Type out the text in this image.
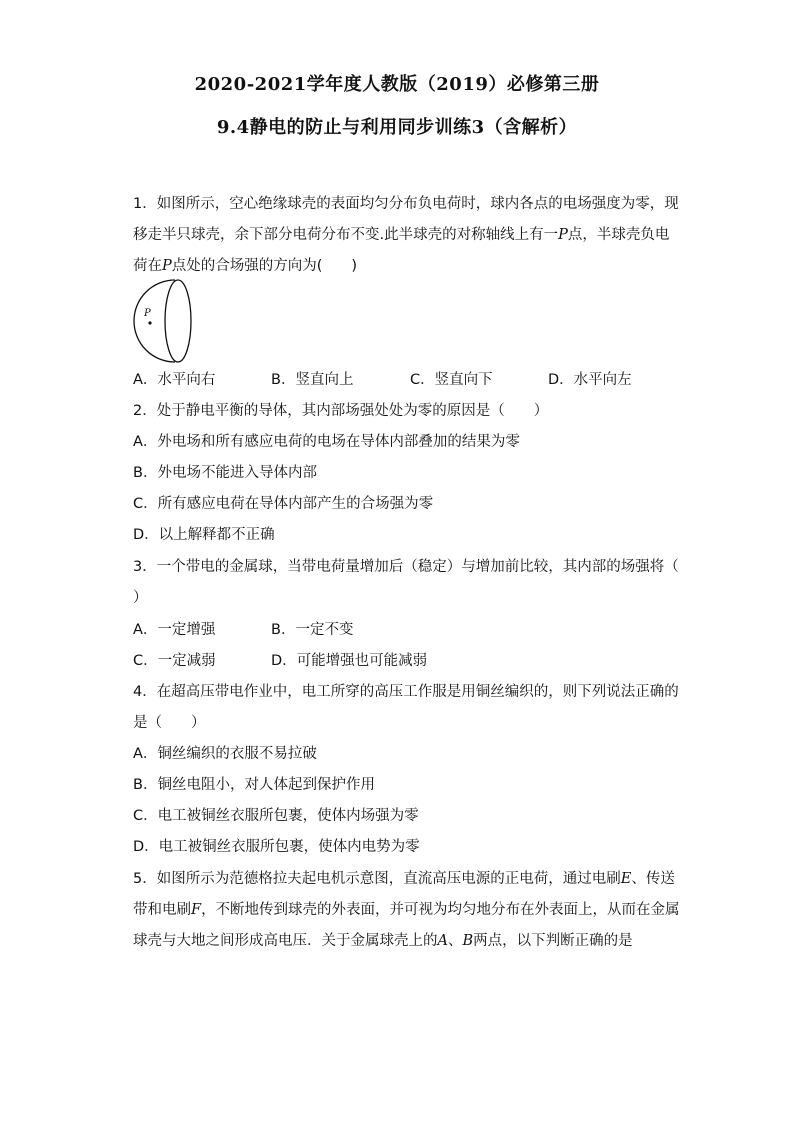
2020-2021学年度人教版（2019）必修第三册
9.4静电的防止与利用同步训练3（含解析）
1．如图所示，空心绝缘球壳的表面均匀分布负电荷时，球内各点的电场强度为零，现
移走半只球壳，余下部分电荷分布不变.此半球壳的对称轴线上有一P点，半球壳负电
荷在P点处的合场强的方向为(　　)
P
A．水平向右	B．竖直向上	C．竖直向下	D．水平向左
2．处于静电平衡的导体，其内部场强处处为零的原因是（　　）
A．外电场和所有感应电荷的电场在导体内部叠加的结果为零
B．外电场不能进入导体内部
C．所有感应电荷在导体内部产生的合场强为零
D．以上解释都不正确
3．一个带电的金属球，当带电荷量增加后（稳定）与增加前比较，其内部的场强将（
）
A．一定增强	B．一定不变
C．一定减弱	D．可能增强也可能减弱
4．在超高压带电作业中，电工所穿的高压工作服是用铜丝编织的，则下列说法正确的
是（　　）
A．铜丝编织的衣服不易拉破
B．铜丝电阻小，对人体起到保护作用
C．电工被铜丝衣服所包裹，使体内场强为零
D．电工被铜丝衣服所包裹，使体内电势为零
5．如图所示为范德格拉夫起电机示意图，直流高压电源的正电荷，通过电刷E、传送
带和电刷F，不断地传到球壳的外表面，并可视为均匀地分布在外表面上，从而在金属
球壳与大地之间形成高电压．关于金属球壳上的A、B两点，以下判断正确的是
